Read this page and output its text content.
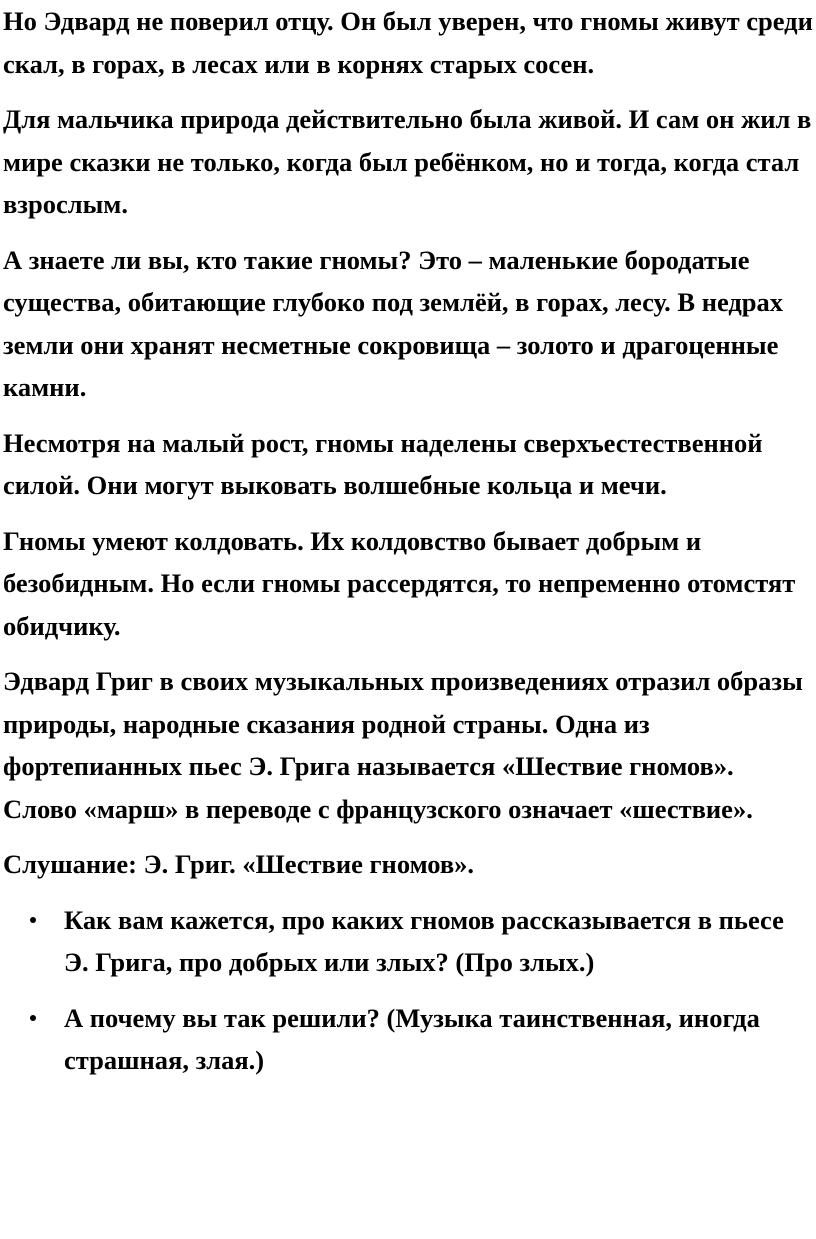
Но Эдвард не поверил отцу. Он был уверен, что гномы живут среди скал, в горах, в лесах или в корнях старых сосен.

Для мальчика природа действительно была живой. И сам он жил в мире сказки не только, когда был ребёнком, но и тогда, когда стал взрослым.

А знаете ли вы, кто такие гномы? Это – маленькие бородатые существа, обитающие глубоко под землёй, в горах, лесу. В недрах земли они хранят несметные сокровища – золото и драгоценные камни.

Несмотря на малый рост, гномы наделены сверхъестественной силой. Они могут выковать волшебные кольца и мечи.

Гномы умеют колдовать. Их колдовство бывает добрым и безобидным. Но если гномы рассердятся, то непременно отомстят обидчику.

Эдвард Григ в своих музыкальных произведениях отразил образы природы, народные сказания родной страны. Одна из фортепианных пьес Э. Грига называется «Шествие гномов». Слово «марш» в переводе с французского означает «шествие».

Слушание: Э. Григ. «Шествие гномов».

Как вам кажется, про каких гномов рассказывается в пьесе Э. Грига, про добрых или злых? (Про злых.)
А почему вы так решили? (Музыка таинственная, иногда страшная, злая.)
